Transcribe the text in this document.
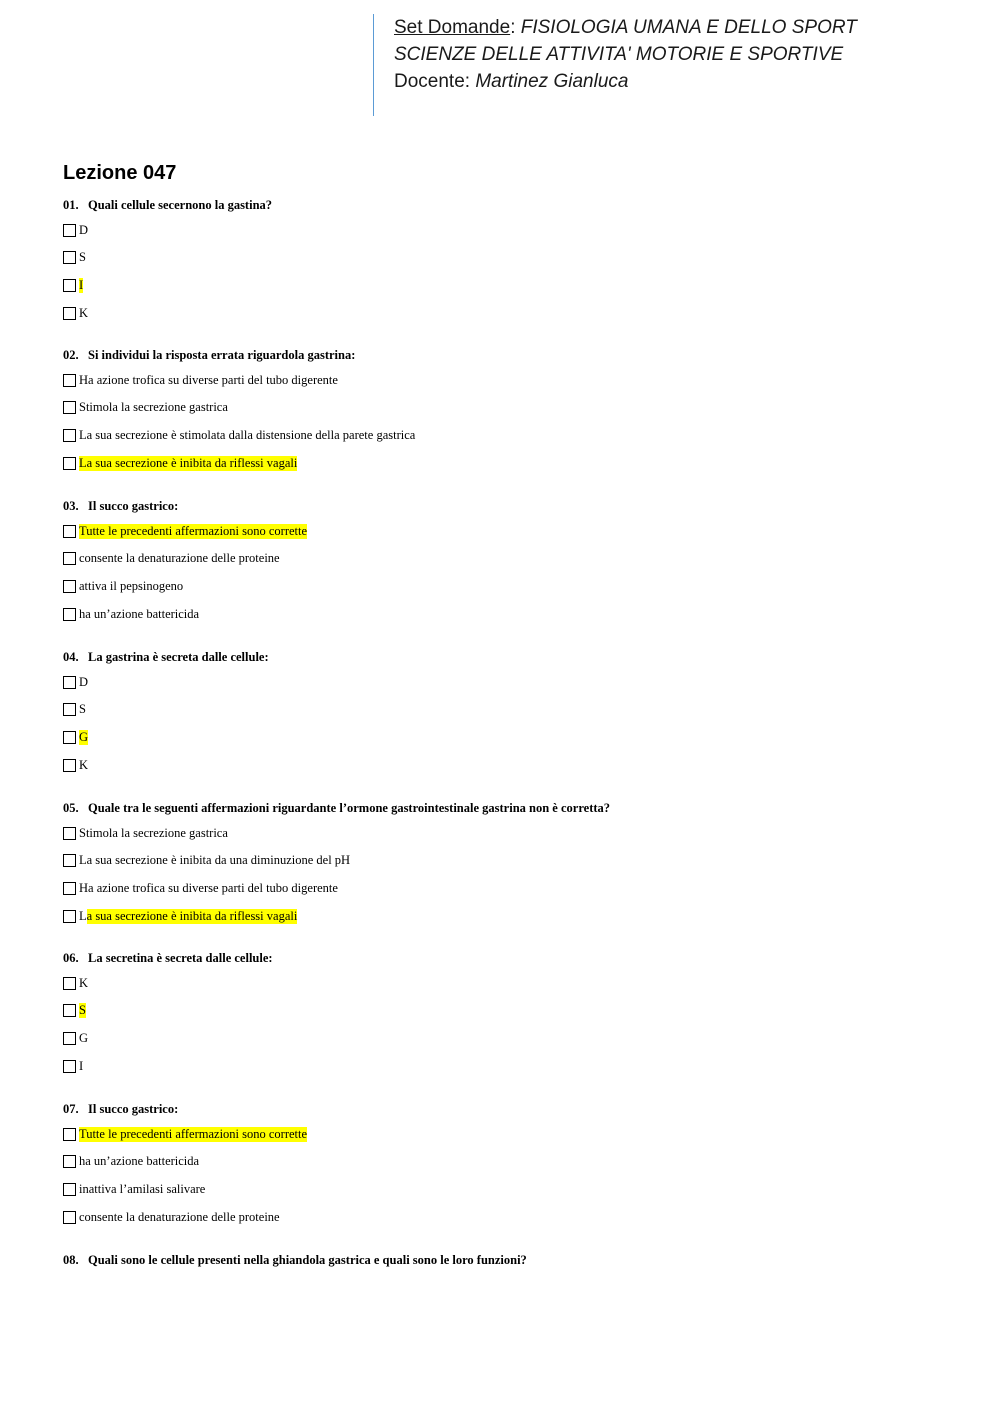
Set Domande: FISIOLOGIA UMANA E DELLO SPORT
SCIENZE DELLE ATTIVITA' MOTORIE E SPORTIVE
Docente: Martinez Gianluca
Lezione 047
01. Quali cellule secernono la gastina?
D
S
I
K
02. Si individui la risposta errata riguardola gastrina:
Ha azione trofica su diverse parti del tubo digerente
Stimola la secrezione gastrica
La sua secrezione è stimolata dalla distensione della parete gastrica
La sua secrezione è inibita da riflessi vagali
03. Il succo gastrico:
Tutte le precedenti affermazioni sono corrette
consente la denaturazione delle proteine
attiva il pepsinogeno
ha un’azione battericida
04. La gastrina è secreta dalle cellule:
D
S
G
K
05. Quale tra le seguenti affermazioni riguardante l’ormone gastrointestinale gastrina non è corretta?
Stimola la secrezione gastrica
La sua secrezione è inibita da una diminuzione del pH
Ha azione trofica su diverse parti del tubo digerente
L a sua secrezione è inibita da riflessi vagali
06. La secretina è secreta dalle cellule:
K
S
G
I
07. Il succo gastrico:
Tutte le precedenti affermazioni sono corrette
ha un’azione battericida
inattiva l’amilasi salivare
consente la denaturazione delle proteine
08. Quali sono le cellule presenti nella ghiandola gastrica e quali sono le loro funzioni?
